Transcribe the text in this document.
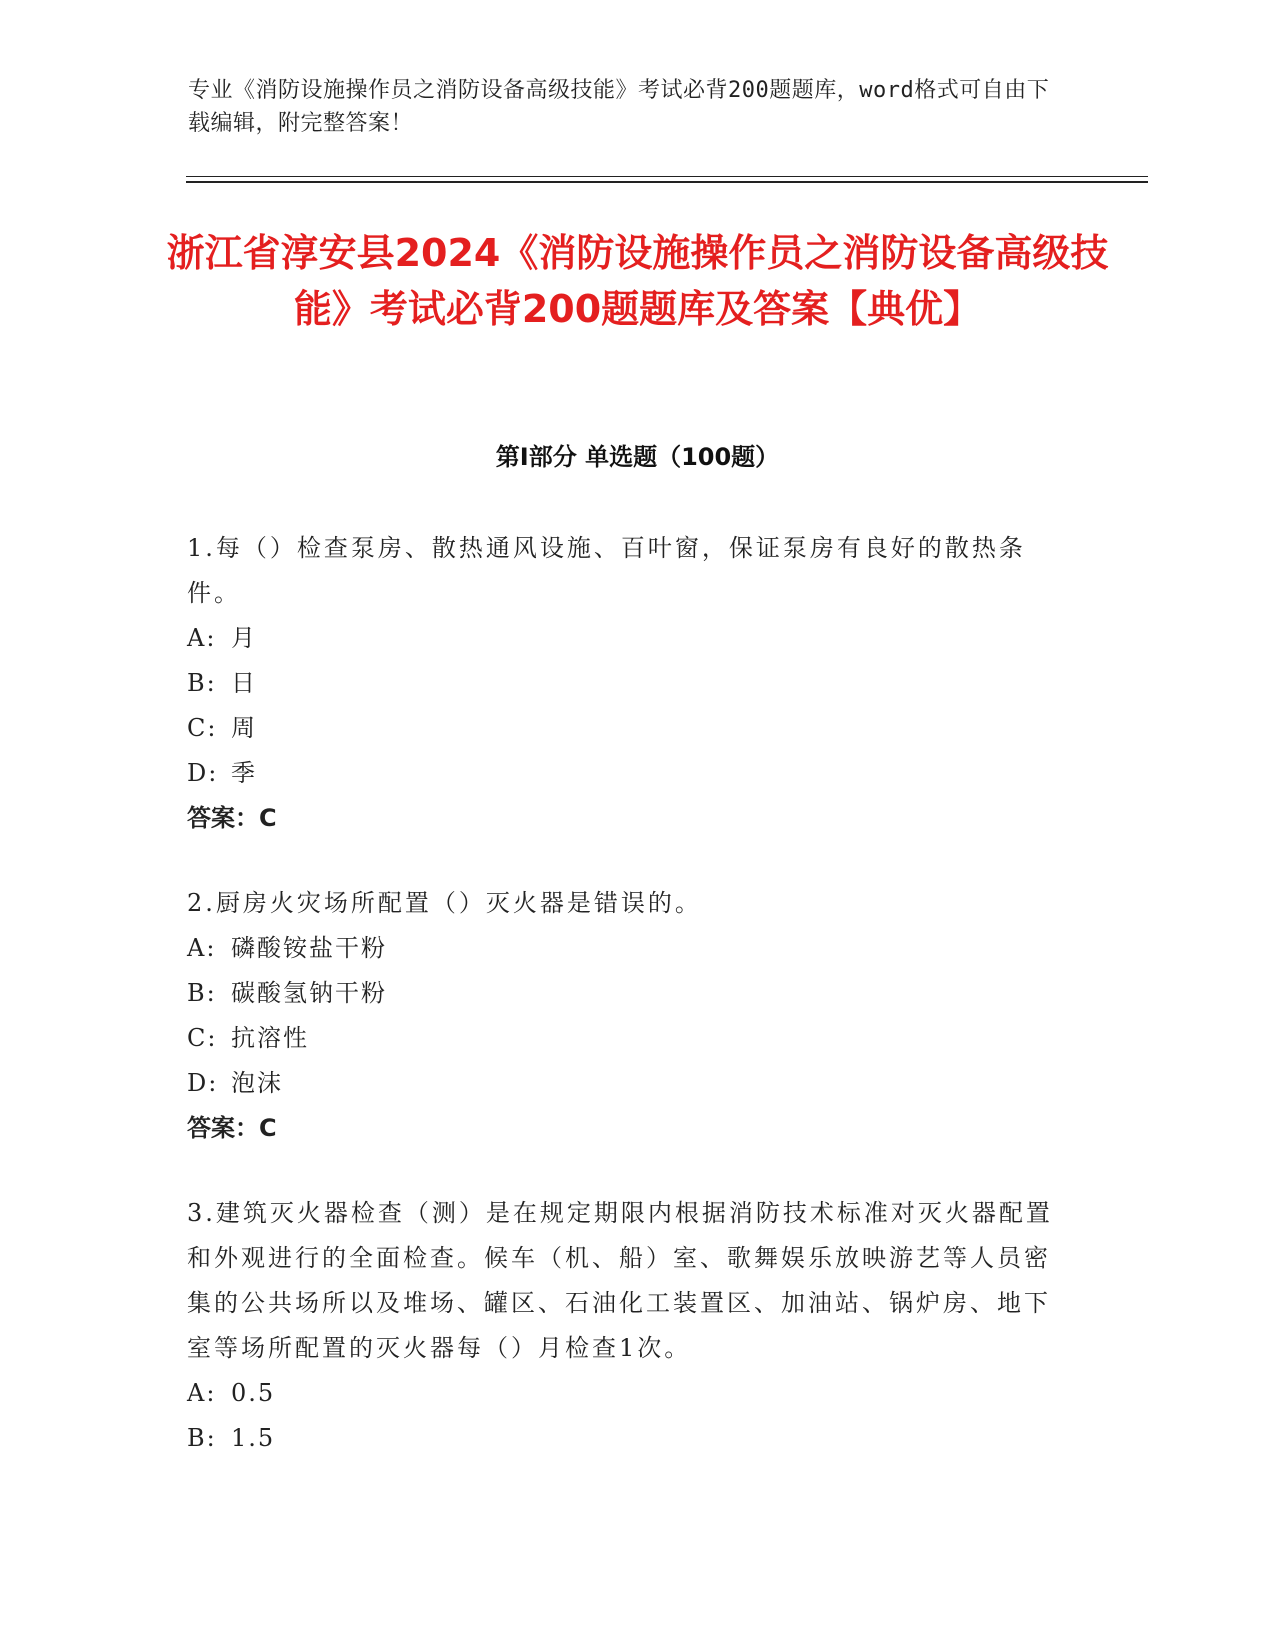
专业《消防设施操作员之消防设备高级技能》考试必背200题题库，word格式可自由下载编辑，附完整答案！
浙江省淳安县2024《消防设施操作员之消防设备高级技能》考试必背200题题库及答案【典优】
第I部分 单选题（100题）
1.每（）检查泵房、散热通风设施、百叶窗，保证泵房有良好的散热条件。
A: 月
B: 日
C: 周
D: 季
答案：C
2.厨房火灾场所配置（）灭火器是错误的。
A: 磷酸铵盐干粉
B: 碳酸氢钠干粉
C: 抗溶性
D: 泡沫
答案：C
3.建筑灭火器检查（测）是在规定期限内根据消防技术标准对灭火器配置和外观进行的全面检查。候车（机、船）室、歌舞娱乐放映游艺等人员密集的公共场所以及堆场、罐区、石油化工装置区、加油站、锅炉房、地下室等场所配置的灭火器每（）月检查1次。
A: 0.5
B: 1.5
